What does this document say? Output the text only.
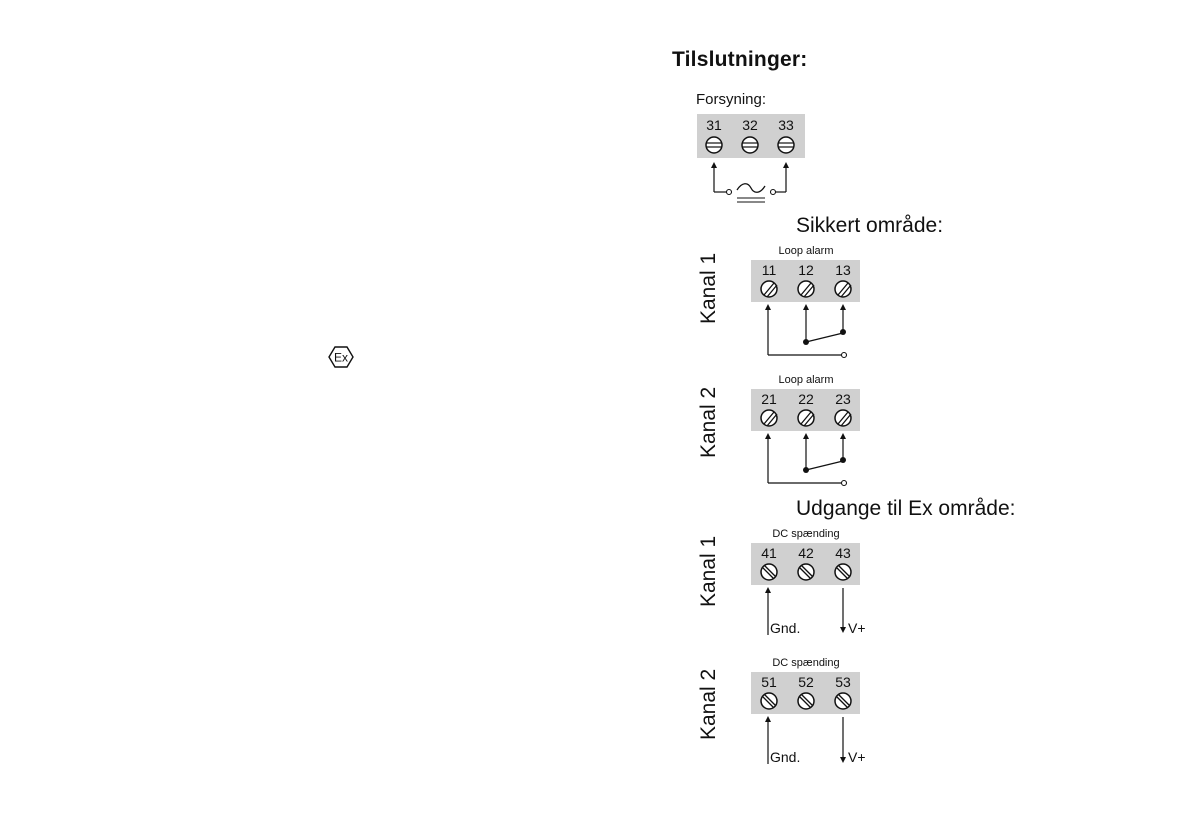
Ex
Tilslutninger:
Forsyning:
Sikkert område:
Udgange til Ex område:
Kanal 1
Kanal 2
Kanal 1
Kanal 2
Loop alarm
Loop alarm
DC spænding
DC spænding
31	32	33
11	12	13
21	22	23
41	42	43
51	52	53
Gnd.	V+
Gnd.	V+
